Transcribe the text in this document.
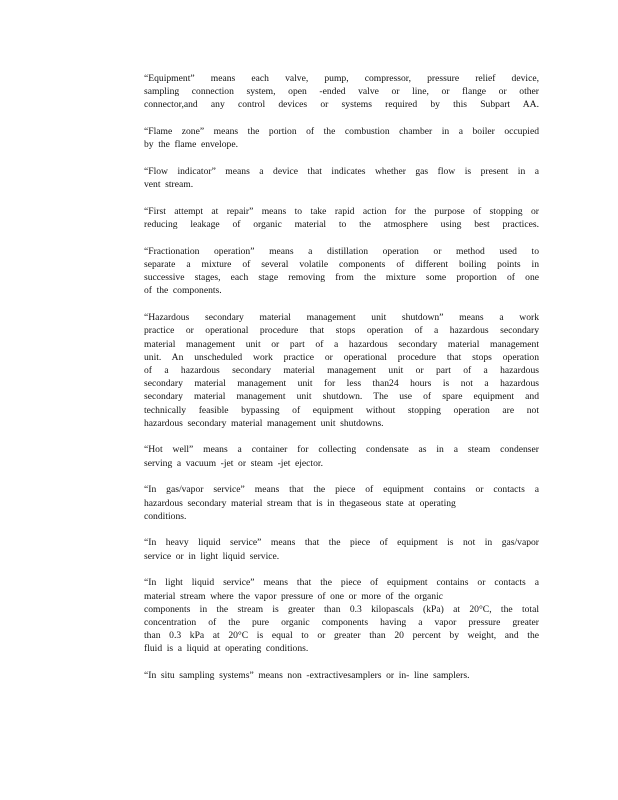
“Equipment” means each valve, pump, compressor, pressure relief device,
sampling connection system, open -ended valve or line, or flange or other
connector,and any control devices or systems required by this Subpart AA.

“Flame zone” means the portion of the combustion chamber in a boiler occupied
by the flame envelope.

“Flow indicator” means a device that indicates whether gas flow is present in a
vent stream.

“First attempt at repair” means to take rapid action for the purpose of stopping or
reducing leakage of organic material to the atmosphere using best practices.

“Fractionation operation” means a distillation operation or method used to
separate a mixture of several volatile components of different boiling points in
successive stages, each stage removing from the mixture some proportion of one
of the components.

“Hazardous secondary material management unit shutdown” means a work
practice or operational procedure that stops operation of a hazardous secondary
material management unit or part of a hazardous secondary material management
unit. An unscheduled work practice or operational procedure that stops operation
of a hazardous secondary material management unit or part of a hazardous
secondary material management unit for less than24 hours is not a hazardous
secondary material management unit shutdown. The use of spare equipment and
technically feasible bypassing of equipment without stopping operation are not
hazardous secondary material management unit shutdowns.

“Hot well” means a container for collecting condensate as in a steam condenser
serving a vacuum -jet or steam -jet ejector.

“In gas/vapor service” means that the piece of equipment contains or contacts a
hazardous secondary material stream that is in thegaseous state at operating
conditions.

“In heavy liquid service” means that the piece of equipment is not in gas/vapor
service or in light liquid service.

“In light liquid service” means that the piece of equipment contains or contacts a
material stream where the vapor pressure of one or more of the organic
components in the stream is greater than 0.3 kilopascals (kPa) at 20°C, the total
concentration of the pure organic components having a vapor pressure greater
than 0.3 kPa at 20°C is equal to or greater than 20 percent by weight, and the
fluid is a liquid at operating conditions.

“In situ sampling systems” means non -extractivesamplers or in- line samplers.
